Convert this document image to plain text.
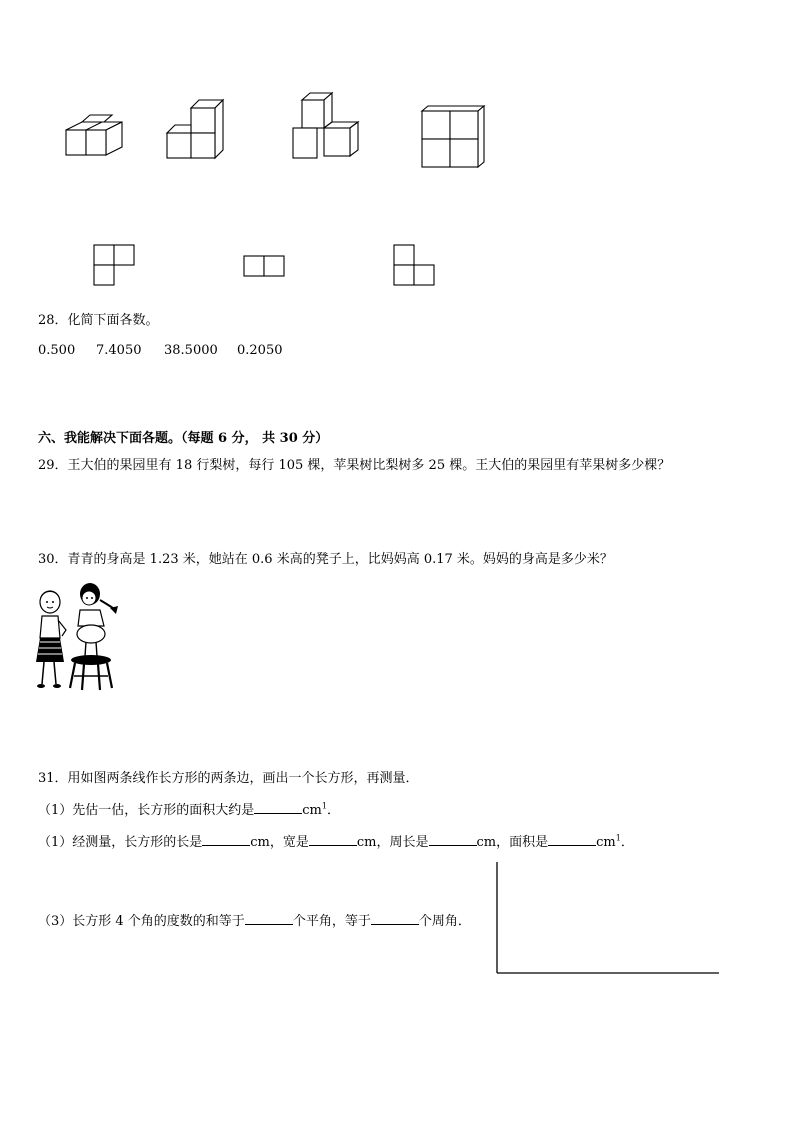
28．化简下面各数。
0.500 7.4050 38.5000 0.2050
六、我能解决下面各题。（每题 6 分， 共 30 分）
29．王大伯的果园里有 18 行梨树，每行 105 棵，苹果树比梨树多 25 棵。王大伯的果园里有苹果树多少棵？
30．青青的身高是 1.23 米，她站在 0.6 米高的凳子上，比妈妈高 0.17 米。妈妈的身高是多少米？
31．用如图两条线作长方形的两条边，画出一个长方形，再测量．
（1）先估一估，长方形的面积大约是	$cm^1$．
（1）经测量，长方形的长是	cm，宽是	cm，周长是	cm，面积是	$cm^1$．
（3）长方形 4 个角的度数的和等于	个平角，等于	个周角．
